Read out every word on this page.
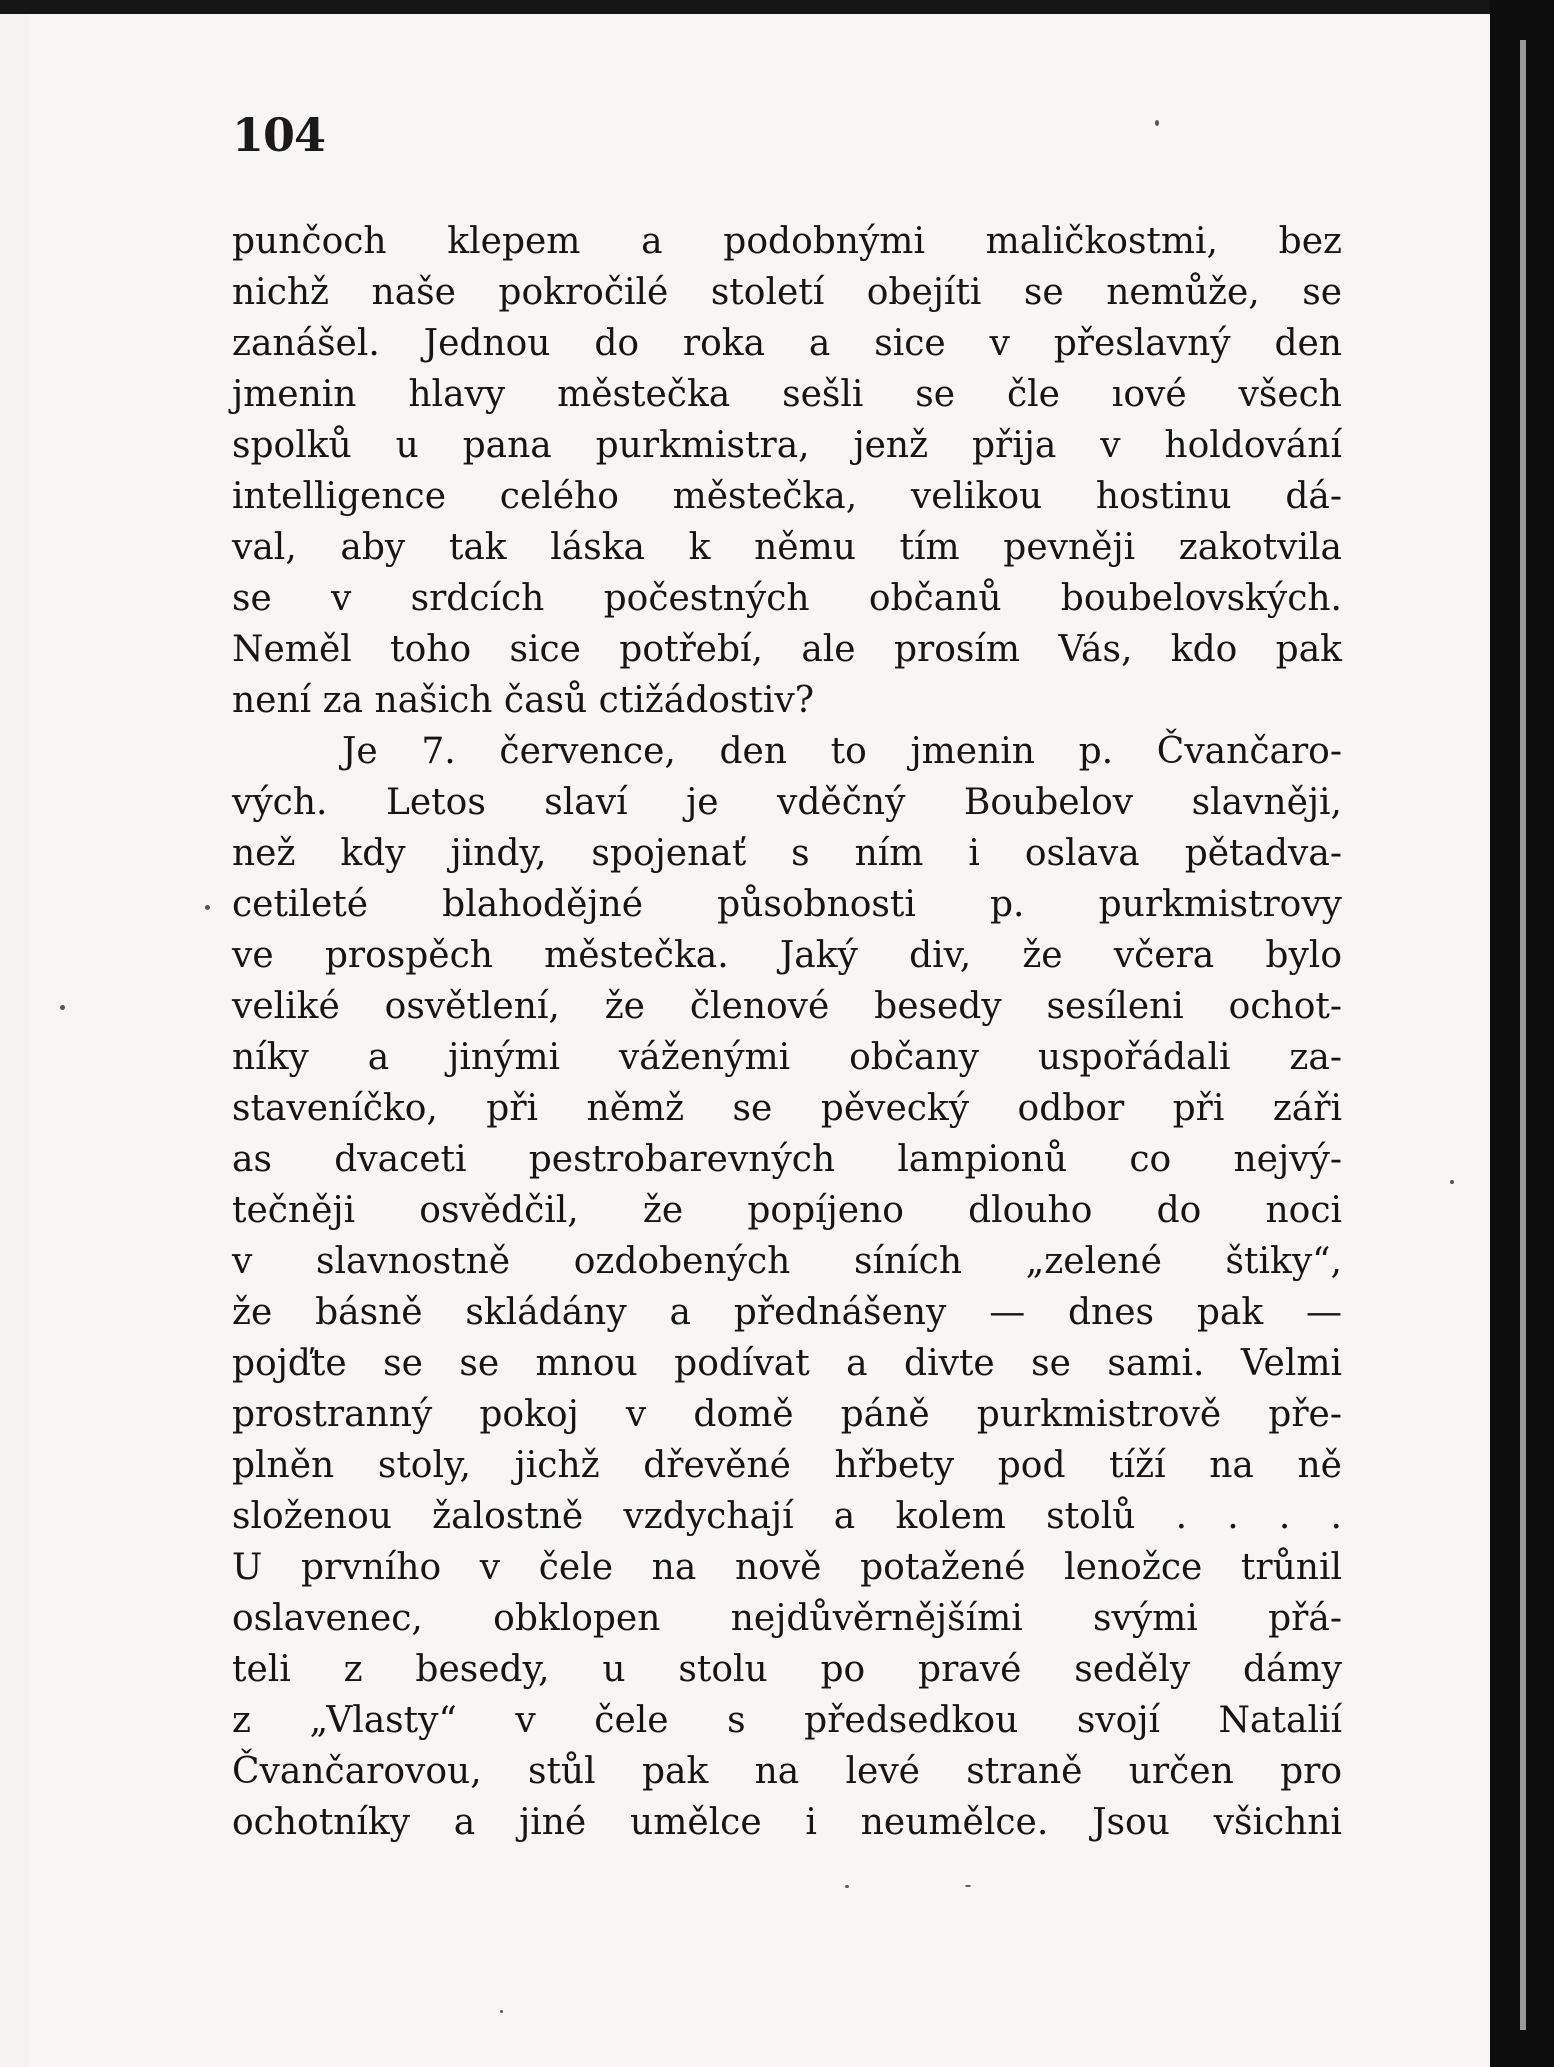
104
punčoch klepem a podobnými maličkostmi, bez
nichž naše pokročilé století obejíti se nemůže, se
zanášel. Jednou do roka a sice v přeslavný den
jmenin hlavy městečka sešli se čle ıové všech
spolků u pana purkmistra, jenž přija v holdování
intelligence celého městečka, velikou hostinu dá-
val, aby tak láska k němu tím pevněji zakotvila
se v srdcích počestných občanů boubelovských.
Neměl toho sice potřebí, ale prosím Vás, kdo pak
není za našich časů ctižádostiv?
Je 7. července, den to jmenin p. Čvančaro-
vých. Letos slaví je vděčný Boubelov slavněji,
než kdy jindy, spojenať s ním i oslava pětadva-
cetileté blahodějné působnosti p. purkmistrovy
ve prospěch městečka. Jaký div, že včera bylo
veliké osvětlení, že členové besedy sesíleni ochot-
níky a jinými váženými občany uspořádali za-
staveníčko, při němž se pěvecký odbor při záři
as dvaceti pestrobarevných lampionů co nejvý-
tečněji osvědčil, že popíjeno dlouho do noci
v slavnostně ozdobených síních „zelené štiky“,
že básně skládány a přednášeny — dnes pak —
pojďte se se mnou podívat a divte se sami. Velmi
prostranný pokoj v domě páně purkmistrově pře-
plněn stoly, jichž dřevěné hřbety pod tíží na ně
složenou žalostně vzdychají a kolem stolů . . . .
U prvního v čele na nově potažené lenožce trůnil
oslavenec, obklopen nejdůvěrnějšími svými přá-
teli z besedy, u stolu po pravé seděly dámy
z „Vlasty“ v čele s předsedkou svojí Natalií
Čvančarovou, stůl pak na levé straně určen pro
ochotníky a jiné umělce i neumělce. Jsou všichni
